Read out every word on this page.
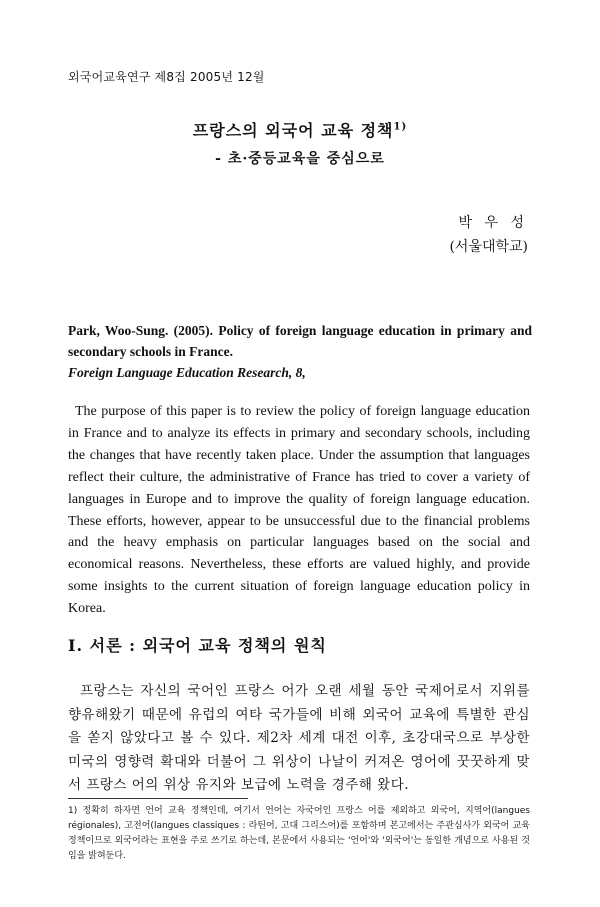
외국어교육연구 제8집 2005년 12월
프랑스의 외국어 교육 정책$^{1)}$
- 초·중등교육을 중심으로
박 우 성
(서울대학교)
Park, Woo-Sung. (2005). Policy of foreign language education in primary and secondary schools in France.
Foreign Language Education Research, 8,

The purpose of this paper is to review the policy of foreign language education in France and to analyze its effects in primary and secondary schools, including the changes that have recently taken place. Under the assumption that languages reflect their culture, the administrative of France has tried to cover a variety of languages in Europe and to improve the quality of foreign language education. These efforts, however, appear to be unsuccessful due to the financial problems and the heavy emphasis on particular languages based on the social and economical reasons. Nevertheless, these efforts are valued highly, and provide some insights to the current situation of foreign language education policy in Korea.

I. 서론 : 외국어 교육 정책의 원칙

프랑스는 자신의 국어인 프랑스 어가 오랜 세월 동안 국제어로서 지위를 향유해왔기 때문에 유럽의 여타 국가들에 비해 외국어 교육에 특별한 관심을 쏟지 않았다고 볼 수 있다. 제2차 세계 대전 이후, 초강대국으로 부상한 미국의 영향력 확대와 더불어 그 위상이 나날이 커져온 영어에 꿋꿋하게 맞서 프랑스 어의 위상 유지와 보급에 노력을 경주해 왔다.

1) 정확히 하자면 언어 교육 정책인데, 여기서 언어는 자국어인 프랑스 어를 제외하고 외국어, 지역어(langues régionales), 고전어(langues classiques : 라틴어, 고대 그리스어)를 포함하며 본고에서는 주관심사가 외국어 교육정책이므로 외국어라는 표현을 주로 쓰기로 하는데, 본문에서 사용되는 '언어'와 '외국어'는 동일한 개념으로 사용된 것임을 밝혀둔다.
